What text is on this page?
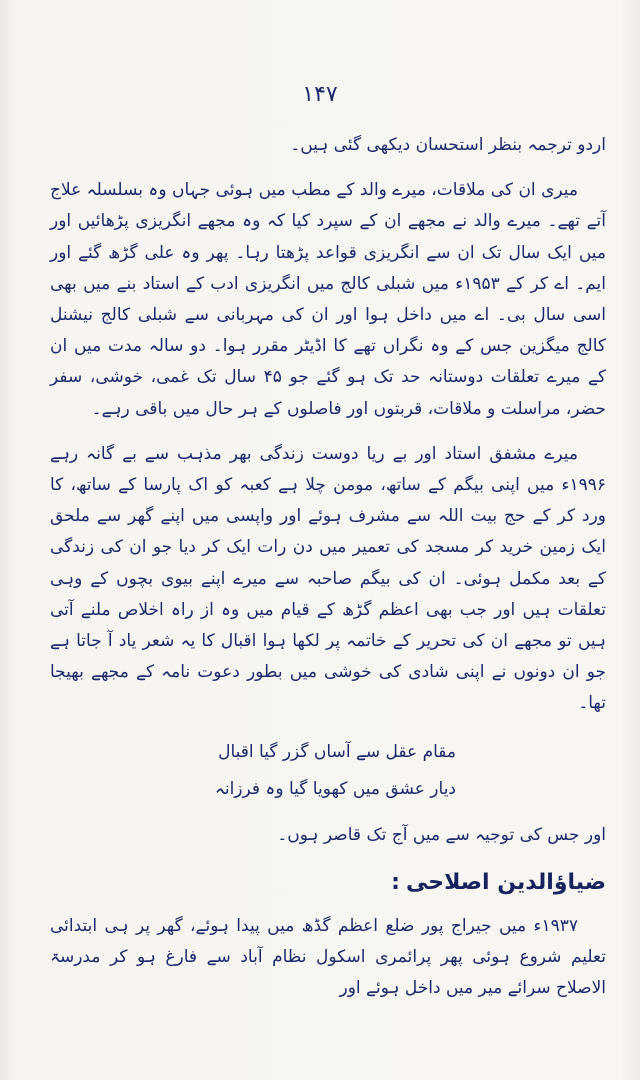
۱۴۷

اردو ترجمہ بنظر استحسان دیکھی گئی ہیں۔

میری ان کی ملاقات، میرے والد کے مطب میں ہوئی جہاں وہ بسلسلہ علاج آتے تھے۔ میرے والد نے مجھے ان کے سپرد کیا کہ وہ مجھے انگریزی پڑھائیں اور میں ایک سال تک ان سے انگریزی قواعد پڑھتا رہا۔ پھر وہ علی گڑھ گئے اور ایم۔ اے کر کے ۱۹۵۳ء میں شبلی کالج میں انگریزی ادب کے استاد بنے میں بھی اسی سال بی۔ اے میں داخل ہوا اور ان کی مہربانی سے شبلی کالج نیشنل کالج میگزین جس کے وہ نگراں تھے کا اڈیٹر مقرر ہوا۔ دو سالہ مدت میں ان کے میرے تعلقات دوستانہ حد تک ہو گئے جو ۴۵ سال تک غمی، خوشی، سفر حضر، مراسلت و ملاقات، قربتوں اور فاصلوں کے ہر حال میں باقی رہے۔

میرے مشفق استاد اور بے ریا دوست زندگی بھر مذہب سے بے گانہ رہے ۱۹۹۶ء میں اپنی بیگم کے ساتھ، مومن چلا ہے کعبہ کو اک پارسا کے ساتھ، کا ورد کر کے حج بیت اللہ سے مشرف ہوئے اور واپسی میں اپنے گھر سے ملحق ایک زمین خرید کر مسجد کی تعمیر میں دن رات ایک کر دیا جو ان کی زندگی کے بعد مکمل ہوئی۔ ان کی بیگم صاحبہ سے میرے اپنے بیوی بچوں کے وہی تعلقات ہیں اور جب بھی اعظم گڑھ کے قیام میں وہ از راہ اخلاص ملنے آتی ہیں تو مجھے ان کی تحریر کے خاتمہ پر لکھا ہوا اقبال کا یہ شعر یاد آ جاتا ہے جو ان دونوں نے اپنی شادی کی خوشی میں بطور دعوت نامہ کے مجھے بھیجا تھا۔

مقام عقل سے آساں گزر گیا اقبال
دیار عشق میں کھویا گیا وہ فرزانہ

اور جس کی توجیہ سے میں آج تک قاصر ہوں۔

ضیاؤالدین اصلاحی:

۱۹۳۷ء میں جیراج پور ضلع اعظم گڈھ میں پیدا ہوئے، گھر پر ہی ابتدائی تعلیم شروع ہوئی پھر پرائمری اسکول نظام آباد سے فارغ ہو کر مدرسۃ الاصلاح سرائے میر میں داخل ہوئے اور
